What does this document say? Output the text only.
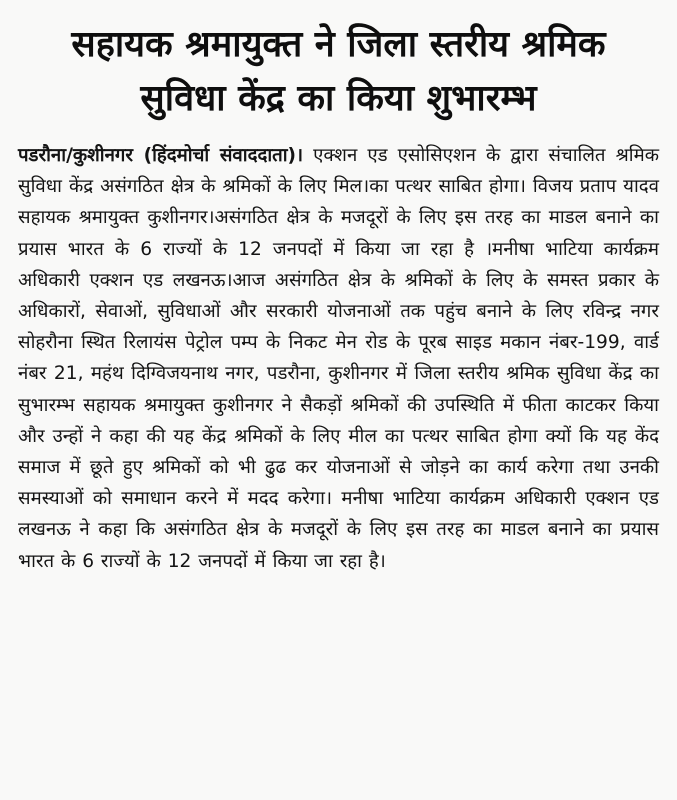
सहायक श्रमायुक्त ने जिला स्तरीय श्रमिक
सुविधा केंद्र का किया शुभारम्भ

पडरौना/कुशीनगर (हिंदमोर्चा संवाददाता)। एक्शन एड एसोसिएशन के द्वारा संचालित श्रमिक सुविधा केंद्र असंगठित क्षेत्र के श्रमिकों के लिए मिल।का पत्थर साबित होगा। विजय प्रताप यादव सहायक श्रमायुक्त कुशीनगर।असंगठित क्षेत्र के मजदूरों के लिए इस तरह का माडल बनाने का प्रयास भारत के 6 राज्यों के 12 जनपदों में किया जा रहा है ।मनीषा भाटिया कार्यक्रम अधिकारी एक्शन एड लखनऊ।आज असंगठित क्षेत्र के श्रमिकों के लिए के समस्त प्रकार के अधिकारों, सेवाओं, सुविधाओं और सरकारी योजनाओं तक पहुंच बनाने के लिए रविन्द्र नगर सोहरौना स्थित रिलायंस पेट्रोल पम्प के निकट मेन रोड के पूरब साइड मकान नंबर-199, वार्ड नंबर 21, महंथ दिग्विजयनाथ नगर, पडरौना, कुशीनगर में जिला स्तरीय श्रमिक सुविधा केंद्र का सुभारम्भ सहायक श्रमायुक्त कुशीनगर ने सैकड़ों श्रमिकों की उपस्थिति में फीता काटकर किया और उन्हों ने कहा की यह केंद्र श्रमिकों के लिए मील का पत्थर साबित होगा क्यों कि यह केंद समाज में छूते हुए श्रमिकों को भी ढुढ कर योजनाओं से जोड़ने का कार्य करेगा तथा उनकी समस्याओं को समाधान करने में मदद करेगा। मनीषा भाटिया कार्यक्रम अधिकारी एक्शन एड लखनऊ ने कहा कि असंगठित क्षेत्र के मजदूरों के लिए इस तरह का माडल बनाने का प्रयास भारत के 6 राज्यों के 12 जनपदों में किया जा रहा है।
